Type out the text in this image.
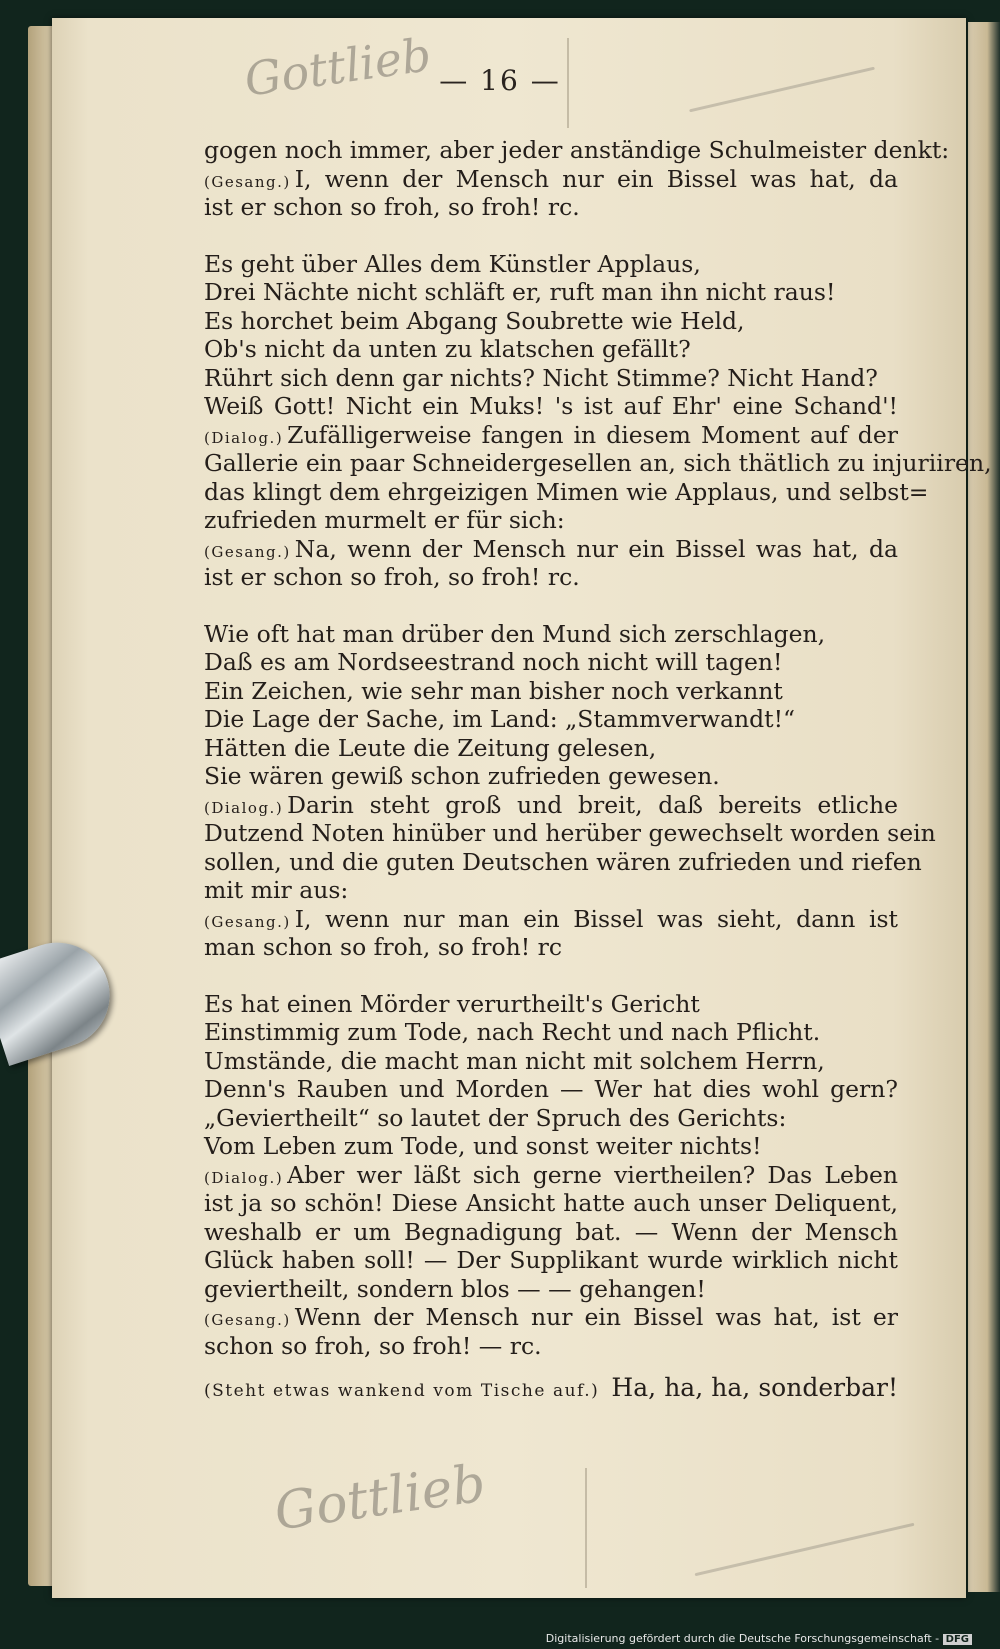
Gottlieb
Gottlieb
— 16 —
gogen noch immer, aber jeder anständige Schulmeister denkt:
(Gesang.) I, wenn der Mensch nur ein Bissel was hat, da
ist er schon so froh, so froh! rc.
Es geht über Alles dem Künstler Applaus,
Drei Nächte nicht schläft er, ruft man ihn nicht raus!
Es horchet beim Abgang Soubrette wie Held,
Ob's nicht da unten zu klatschen gefällt?
Rührt sich denn gar nichts? Nicht Stimme? Nicht Hand?
Weiß Gott! Nicht ein Muks! 's ist auf Ehr' eine Schand'!
(Dialog.) Zufälligerweise fangen in diesem Moment auf der
Gallerie ein paar Schneidergesellen an, sich thätlich zu injuriiren,
das klingt dem ehrgeizigen Mimen wie Applaus, und selbst=
zufrieden murmelt er für sich:
(Gesang.) Na, wenn der Mensch nur ein Bissel was hat, da
ist er schon so froh, so froh! rc.
Wie oft hat man drüber den Mund sich zerschlagen,
Daß es am Nordseestrand noch nicht will tagen!
Ein Zeichen, wie sehr man bisher noch verkannt
Die Lage der Sache, im Land: „Stammverwandt!“
Hätten die Leute die Zeitung gelesen,
Sie wären gewiß schon zufrieden gewesen.
(Dialog.) Darin steht groß und breit, daß bereits etliche
Dutzend Noten hinüber und herüber gewechselt worden sein
sollen, und die guten Deutschen wären zufrieden und riefen
mit mir aus:
(Gesang.) I, wenn nur man ein Bissel was sieht, dann ist
man schon so froh, so froh! rc
Es hat einen Mörder verurtheilt's Gericht
Einstimmig zum Tode, nach Recht und nach Pflicht.
Umstände, die macht man nicht mit solchem Herrn,
Denn's Rauben und Morden — Wer hat dies wohl gern?
„Geviertheilt“ so lautet der Spruch des Gerichts:
Vom Leben zum Tode, und sonst weiter nichts!
(Dialog.) Aber wer läßt sich gerne viertheilen? Das Leben
ist ja so schön! Diese Ansicht hatte auch unser Deliquent,
weshalb er um Begnadigung bat. — Wenn der Mensch
Glück haben soll! — Der Supplikant wurde wirklich nicht
geviertheilt, sondern blos — — gehangen!
(Gesang.) Wenn der Mensch nur ein Bissel was hat, ist er
schon so froh, so froh! — rc.
(Steht etwas wankend vom Tische auf.) Ha, ha, ha, sonderbar!
Digitalisierung gefördert durch die Deutsche Forschungsgemeinschaft - DFG
